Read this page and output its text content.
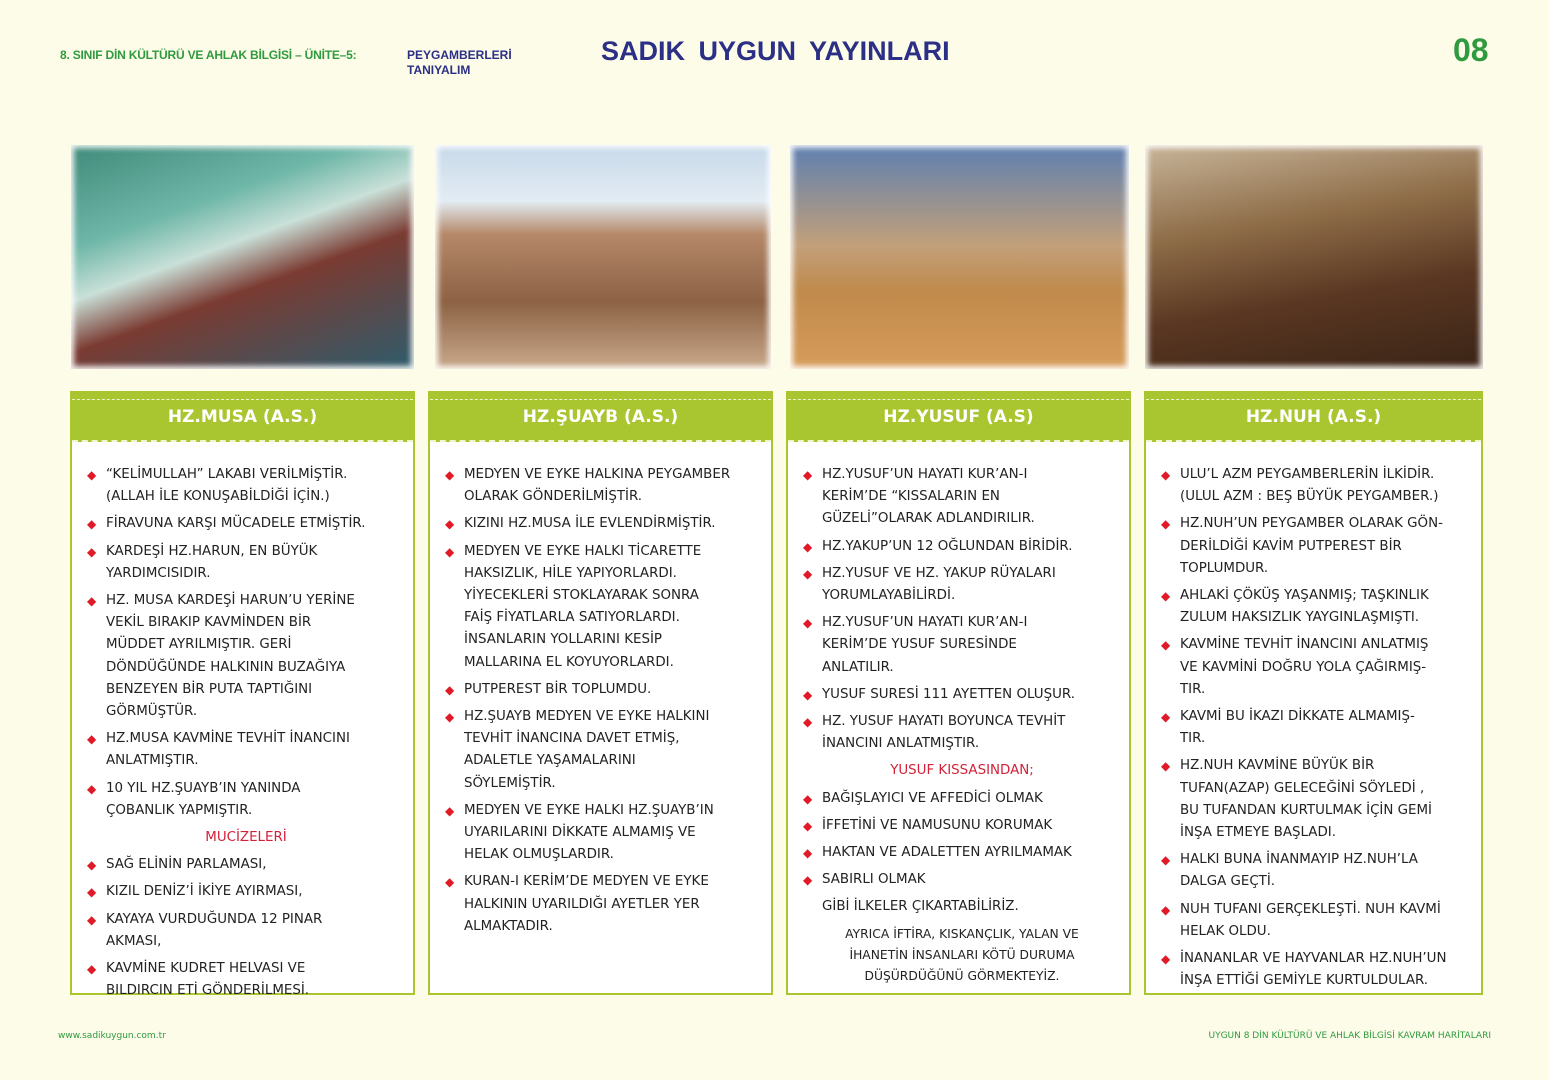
8. SINIF DİN KÜLTÜRÜ VE AHLAK BİLGİSİ – ÜNİTE–5:	PEYGAMBERLERİ
TANIYALIM
SADIK UYGUN YAYINLARI	08
HZ.MUSA (A.S.)
◆ “KELİMULLAH” LAKABI VERİLMİŞTİR.
(ALLAH İLE KONUŞABİLDİĞİ İÇİN.)
◆ FİRAVUNA KARŞI MÜCADELE ETMİŞTİR.
◆ KARDEŞİ HZ.HARUN, EN BÜYÜK
YARDIMCISIDIR.
◆ HZ. MUSA KARDEŞİ HARUN’U YERİNE
VEKİL BIRAKIP KAVMİNDEN BİR
MÜDDET AYRILMIŞTIR. GERİ
DÖNDÜĞÜNDE HALKININ BUZAĞIYA
BENZEYEN BİR PUTA TAPTIĞINI
GÖRMÜŞTÜR.
◆ HZ.MUSA KAVMİNE TEVHİT İNANCINI
ANLATMIŞTIR.
◆ 10 YIL HZ.ŞUAYB’IN YANINDA
ÇOBANLIK YAPMIŞTIR.
MUCİZELERİ
◆ SAĞ ELİNİN PARLAMASI,
◆ KIZIL DENİZ’İ İKİYE AYIRMASI,
◆ KAYAYA VURDUĞUNDA 12 PINAR
AKMASI,
◆ KAVMİNE KUDRET HELVASI VE
BILDIRCIN ETİ GÖNDERİLMESİ.
HZ.ŞUAYB (A.S.)
◆ MEDYEN VE EYKE HALKINA PEYGAMBER
OLARAK GÖNDERİLMİŞTİR.
◆ KIZINI HZ.MUSA İLE EVLENDİRMİŞTİR.
◆ MEDYEN VE EYKE HALKI TİCARETTE
HAKSIZLIK, HİLE YAPIYORLARDI.
YİYECEKLERİ STOKLAYARAK SONRA
FAİŞ FİYATLARLA SATIYORLARDI.
İNSANLARIN YOLLARINI KESİP
MALLARINA EL KOYUYORLARDI.
◆ PUTPEREST BİR TOPLUMDU.
◆ HZ.ŞUAYB MEDYEN VE EYKE HALKINI
TEVHİT İNANCINA DAVET ETMİŞ,
ADALETLE YAŞAMALARINI
SÖYLEMİŞTİR.
◆ MEDYEN VE EYKE HALKI HZ.ŞUAYB’IN
UYARILARINI DİKKATE ALMAMIŞ VE
HELAK OLMUŞLARDIR.
◆ KURAN-I KERİM’DE MEDYEN VE EYKE
HALKININ UYARILDIĞI AYETLER YER
ALMAKTADIR.
HZ.YUSUF (A.S)
◆ HZ.YUSUF’UN HAYATI KUR’AN-I
KERİM’DE “KISSALARIN EN
GÜZELİ”OLARAK ADLANDIRILIR.
◆ HZ.YAKUP’UN 12 OĞLUNDAN BİRİDİR.
◆ HZ.YUSUF VE HZ. YAKUP RÜYALARI
YORUMLAYABİLİRDİ.
◆ HZ.YUSUF’UN HAYATI KUR’AN-I
KERİM’DE YUSUF SURESİNDE
ANLATILIR.
◆ YUSUF SURESİ 111 AYETTEN OLUŞUR.
◆ HZ. YUSUF HAYATI BOYUNCA TEVHİT
İNANCINI ANLATMIŞTIR.
YUSUF KISSASINDAN;
◆ BAĞIŞLAYICI VE AFFEDİCİ OLMAK
◆ İFFETİNİ VE NAMUSUNU KORUMAK
◆ HAKTAN VE ADALETTEN AYRILMAMAK
◆ SABIRLI OLMAK
GİBİ İLKELER ÇIKARTABİLİRİZ.
AYRICA İFTİRA, KISKANÇLIK, YALAN VE
İHANETİN İNSANLARI KÖTÜ DURUMA
DÜŞÜRDÜĞÜNÜ GÖRMEKTEYİZ.
HZ.NUH (A.S.)
◆ ULU’L AZM PEYGAMBERLERİN İLKİDİR.
(ULUL AZM : BEŞ BÜYÜK PEYGAMBER.)
◆ HZ.NUH’UN PEYGAMBER OLARAK GÖN-
DERİLDİĞİ KAVİM PUTPEREST BİR
TOPLUMDUR.
◆ AHLAKİ ÇÖKÜŞ YAŞANMIŞ; TAŞKINLIK
ZULUM HAKSIZLIK YAYGINLAŞMIŞTI.
◆ KAVMİNE TEVHİT İNANCINI ANLATMIŞ
VE KAVMİNİ DOĞRU YOLA ÇAĞIRMIŞ-
TIR.
◆ KAVMİ BU İKAZI DİKKATE ALMAMIŞ-
TIR.
◆ HZ.NUH KAVMİNE BÜYÜK BİR
TUFAN(AZAP) GELECEĞİNİ SÖYLEDİ ,
BU TUFANDAN KURTULMAK İÇİN GEMİ
İNŞA ETMEYE BAŞLADI.
◆ HALKI BUNA İNANMAYIP HZ.NUH’LA
DALGA GEÇTİ.
◆ NUH TUFANI GERÇEKLEŞTİ. NUH KAVMİ
HELAK OLDU.
◆ İNANANLAR VE HAYVANLAR HZ.NUH’UN
İNŞA ETTİĞİ GEMİYLE KURTULDULAR.
www.sadikuygun.com.tr	UYGUN 8 DİN KÜLTÜRÜ VE AHLAK BİLGİSİ KAVRAM HARİTALARI
